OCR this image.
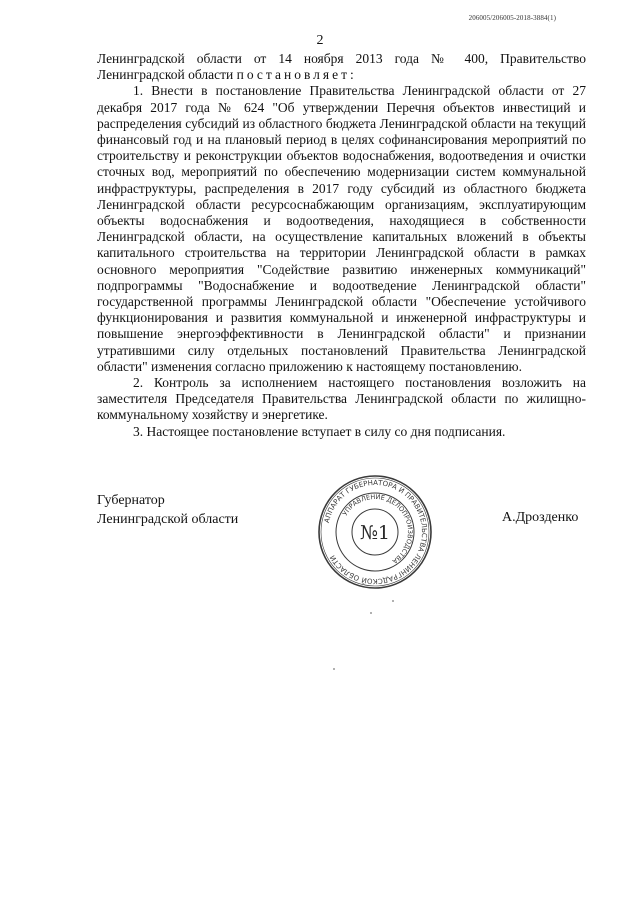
206005/206005-2018-3884(1)
2

Ленинградской области от 14 ноября 2013 года № 400, Правительство Ленинградской области постановляет:

1. Внести в постановление Правительства Ленинградской области от 27 декабря 2017 года № 624 "Об утверждении Перечня объектов инвестиций и распределения субсидий из областного бюджета Ленинградской области на текущий финансовый год и на плановый период в целях софинансирования мероприятий по строительству и реконструкции объектов водоснабжения, водоотведения и очистки сточных вод, мероприятий по обеспечению модернизации систем коммунальной инфраструктуры, распределения в 2017 году субсидий из областного бюджета Ленинградской области ресурсоснабжающим организациям, эксплуатирующим объекты водоснабжения и водоотведения, находящиеся в собственности Ленинградской области, на осуществление капитальных вложений в объекты капитального строительства на территории Ленинградской области в рамках основного мероприятия "Содействие развитию инженерных коммуникаций" подпрограммы "Водоснабжение и водоотведение Ленинградской области" государственной программы Ленинградской области "Обеспечение устойчивого функционирования и развития коммунальной и инженерной инфраструктуры и повышение энергоэффективности в Ленинградской области" и признании утратившими силу отдельных постановлений Правительства Ленинградской области" изменения согласно приложению к настоящему постановлению.

2. Контроль за исполнением настоящего постановления возложить на заместителя Председателя Правительства Ленинградской области по жилищно-коммунальному хозяйству и энергетике.

3. Настоящее постановление вступает в силу со дня подписания.

Губернатор
Ленинградской области	А.Дрозденко
АППАРАТ ГУБЕРНАТОРА И ПРАВИТЕЛЬСТВА ЛЕНИНГРАДСКОЙ ОБЛАСТИ
УПРАВЛЕНИЕ ДЕЛОПРОИЗВОДСТВА
№1
